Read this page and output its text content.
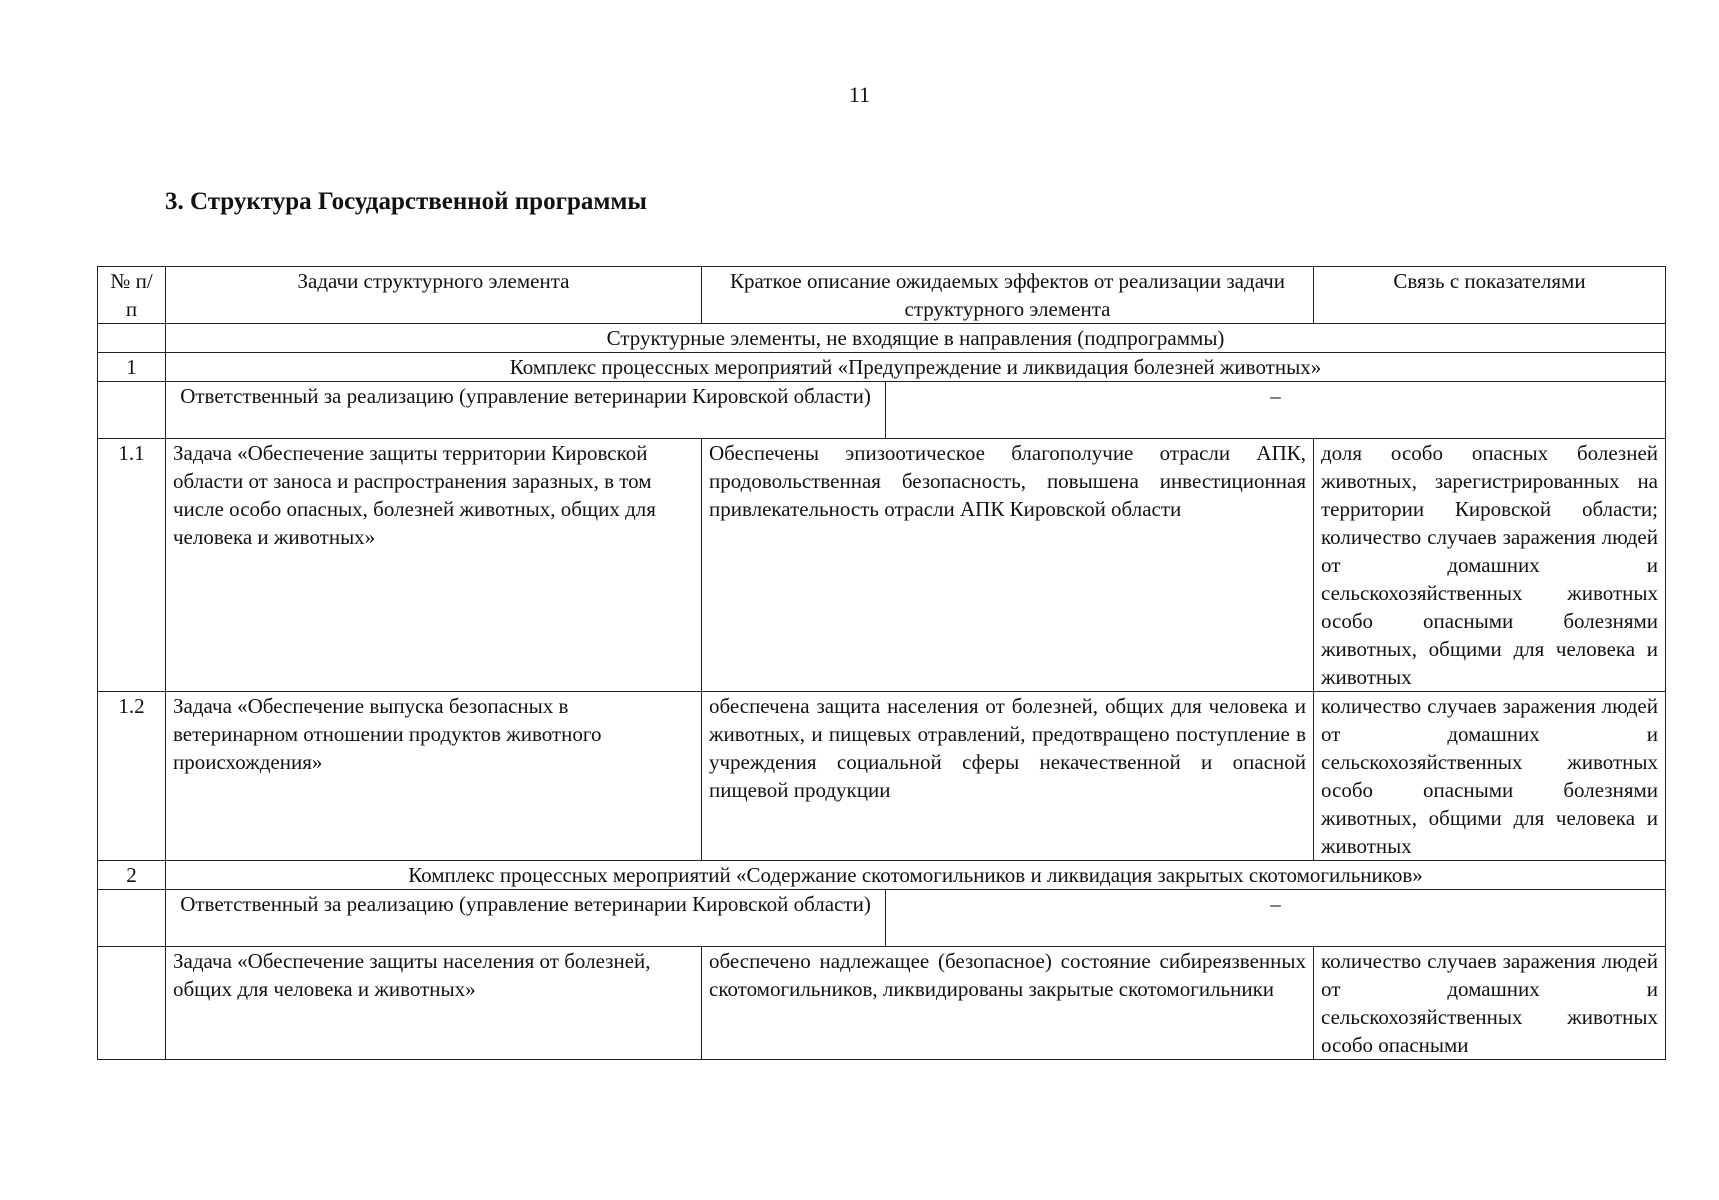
11
3. Структура Государственной программы
№ п/п	Задачи структурного элемента	Краткое описание ожидаемых эффектов от реализации задачи структурного элемента	Связь с показателями
	Структурные элементы, не входящие в направления (подпрограммы)		
1	Комплекс процессных мероприятий «Предупреждение и ликвидация болезней животных»		

	Ответственный за реализацию (управление ветеринарии Кировской области) –		

1.1	Задача «Обеспечение защиты территории Кировской области от заноса и распространения заразных, в том числе особо опасных, болезней животных, общих для человека и животных»	Обеспечены эпизоотическое благополучие отрасли АПК, продовольственная безопасность, повышена инвестиционная привлекательность отрасли АПК Кировской области	доля особо опасных болезней животных, зарегистрированных на территории Кировской области; количество случаев заражения людей от домашних и сельскохозяйственных животных особо опасными болезнями животных, общими для человека и животных
1.2	Задача «Обеспечение выпуска безопасных в ветеринарном отношении продуктов животного происхождения»	обеспечена защита населения от болезней, общих для человека и животных, и пищевых отравлений, предотвращено поступление в учреждения социальной сферы некачественной и опасной пищевой продукции	количество случаев заражения людей от домашних и сельскохозяйственных животных особо опасными болезнями животных, общими для человека и животных
2	Комплекс процессных мероприятий «Содержание скотомогильников и ликвидация закрытых скотомогильников»		

	Ответственный за реализацию (управление ветеринарии Кировской области) –		

	Задача «Обеспечение защиты населения от болезней, общих для человека и животных»	обеспечено надлежащее (безопасное) состояние сибиреязвенных скотомогильников, ликвидированы закрытые скотомогильники	количество случаев заражения людей от домашних и сельскохозяйственных животных особо опасными
